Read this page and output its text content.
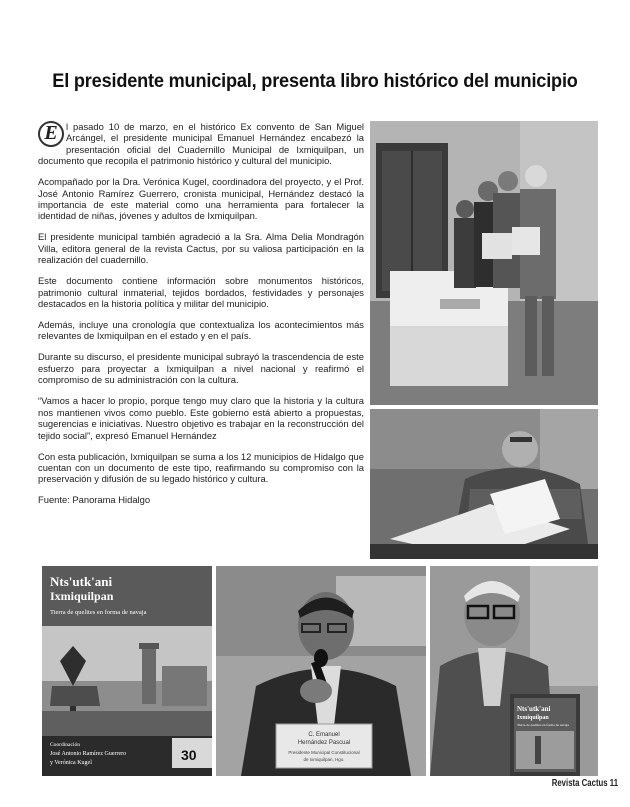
El presidente municipal, presenta libro histórico del municipio

E l pasado 10 de marzo, en el histórico Ex convento de San Miguel Arcángel, el presidente municipal Emanuel Hernández encabezó la presentación oficial del Cuadernillo Municipal de Ixmiquilpan, un documento que recopila el patrimonio histórico y cultural del municipio.

Acompañado por la Dra. Verónica Kugel, coordinadora del proyecto, y el Prof. José Antonio Ramírez Guerrero, cronista municipal, Hernández destacó la importancia de este material como una herramienta para fortalecer la identidad de niñas, jóvenes y adultos de Ixmiquilpan.

El presidente municipal también agradeció a la Sra. Alma Delia Mondragón Villa, editora general de la revista Cactus, por su valiosa participación en la realización del cuadernillo.

Este documento contiene información sobre monumentos históricos, patrimonio cultural inmaterial, tejidos bordados, festividades y personajes destacados en la historia política y militar del municipio.

Además, incluye una cronología que contextualiza los acontecimientos más relevantes de Ixmiquilpan en el estado y en el país.

Durante su discurso, el presidente municipal subrayó la trascendencia de este esfuerzo para proyectar a Ixmiquilpan a nivel nacional y reafirmó el compromiso de su administración con la cultura.

“Vamos a hacer lo propio, porque tengo muy claro que la historia y la cultura nos mantienen vivos como pueblo. Este gobierno está abierto a propuestas, sugerencias e iniciativas. Nuestro objetivo es trabajar en la reconstrucción del tejido social”, expresó Emanuel Hernández

Con esta publicación, Ixmiquilpan se suma a los 12 municipios de Hidalgo que cuentan con un documento de este tipo, reafirmando su compromiso con la preservación y difusión de su legado histórico y cultura.

Fuente: Panorama Hidalgo

Nts'utk'ani
Ixmiquilpan
Tierra de quelites en forma de navaja
Coordinación
José Antonio Ramírez Guerrero
y Verónica Kugel	30
C. Emanuel
Hernández Pascual
Presidente Municipal Constitucional
de Ixmiquilpan, Hgo.
Nts'utk'ani
Ixmiquilpan
Tierra de quelites en forma de navaja
Revista Cactus 11
